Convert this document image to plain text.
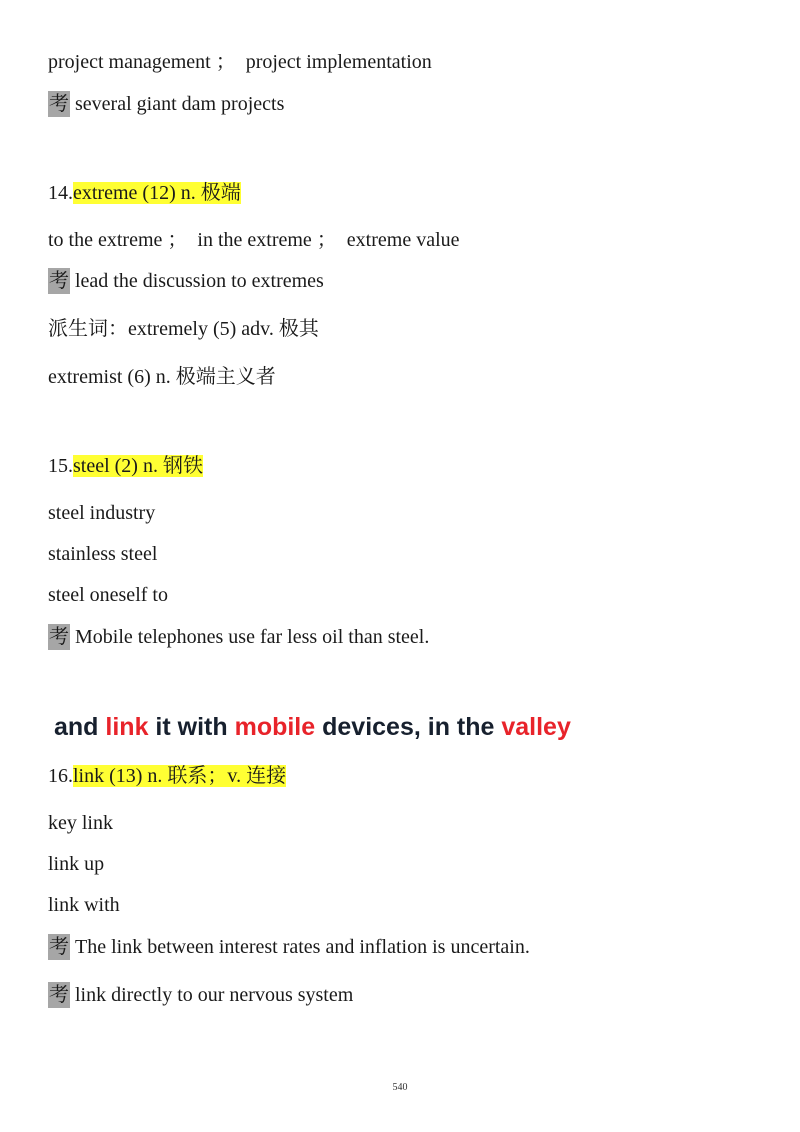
project management ；  project implementation
考 several giant dam projects
14.extreme (12) n. 极端
to the extreme ；  in the extreme ；  extreme value
考 lead the discussion to extremes
派生词：extremely (5) adv. 极其
extremist (6) n. 极端主义者
15.steel (2) n. 钢铁
steel industry
stainless steel
steel oneself to
考 Mobile telephones use far less oil than steel.
and link it with mobile devices, in the valley
16.link (13) n. 联系；v. 连接
key link
link up
link with
考 The link between interest rates and inflation is uncertain.
考 link directly to our nervous system
540
